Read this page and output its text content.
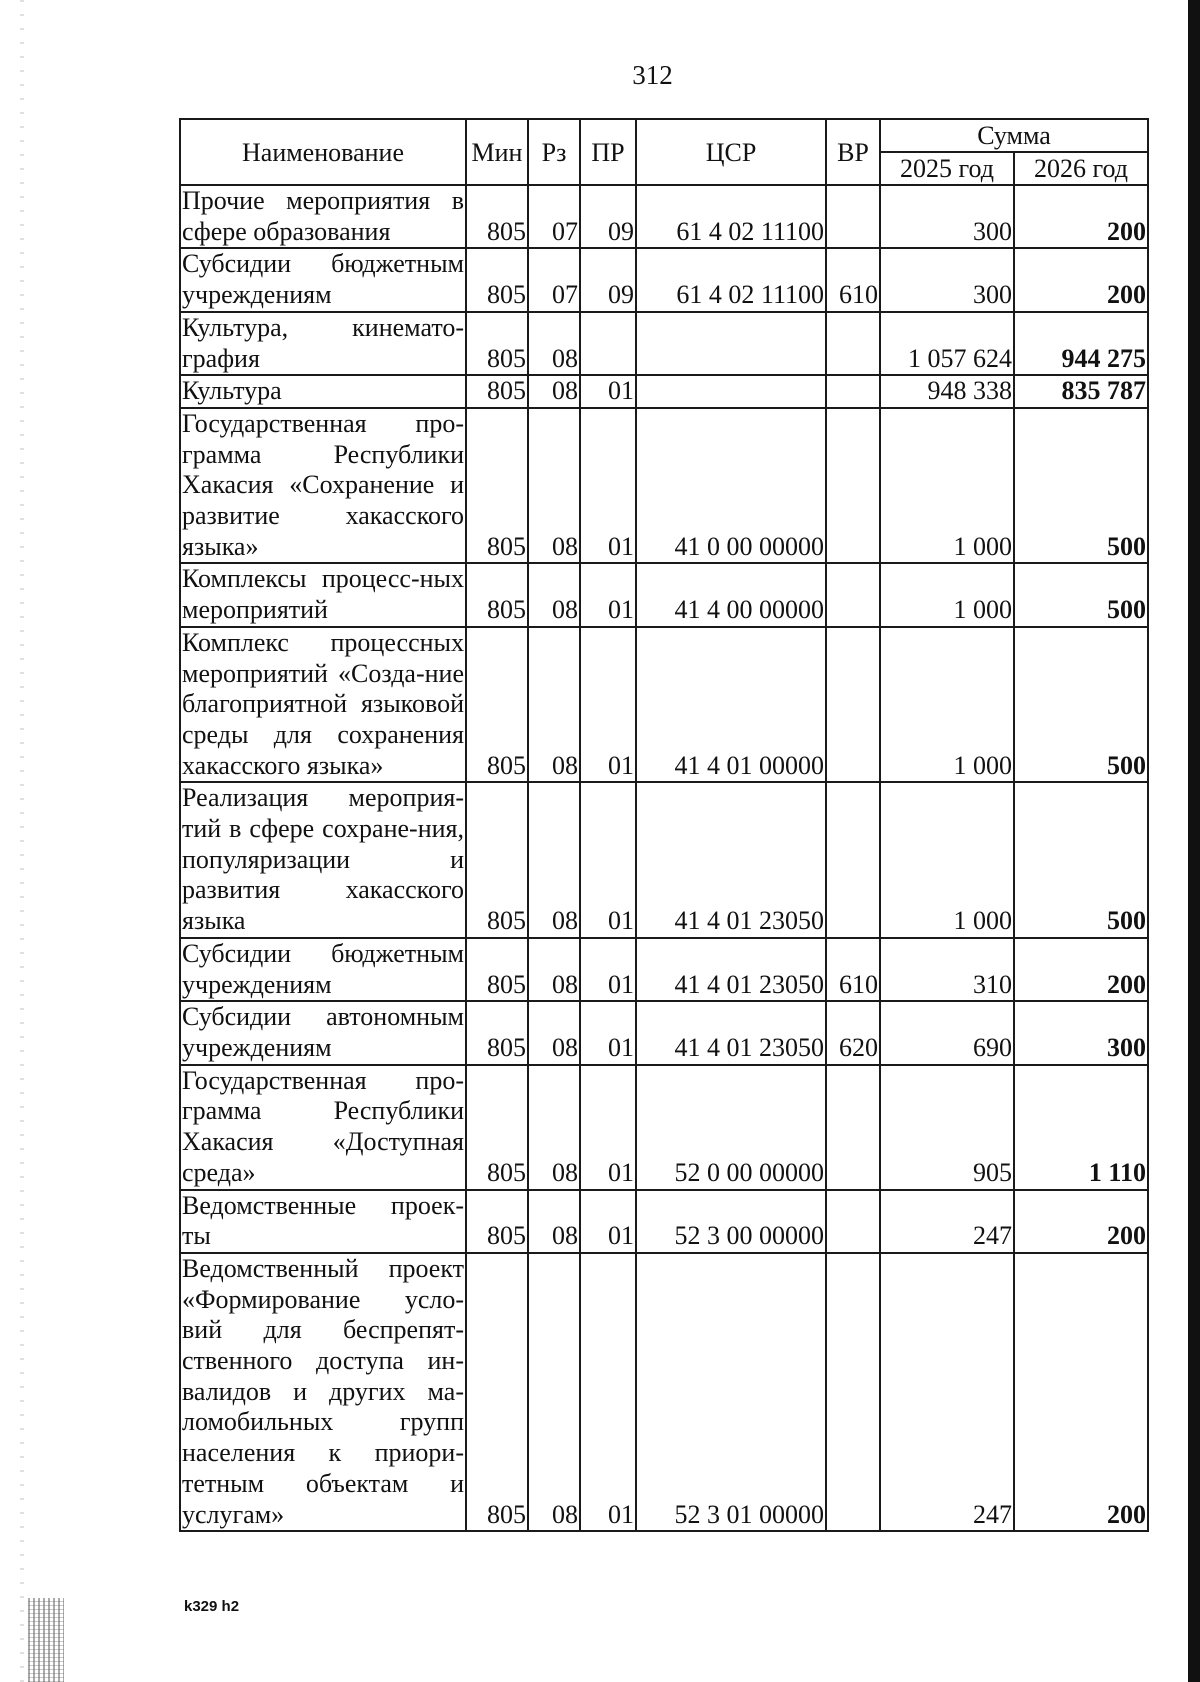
312
Наименование	Мин	Рз	ПР	ЦСР	ВР	Сумма	
						2025 год	2026 год
Прочие мероприятия в сфере образования	805	07	09	61 4 02 11100		300	200
Субсидии бюджетным учреждениям	805	07	09	61 4 02 11100	610	300	200
Культура, кинемато-графия	805	08				1 057 624	944 275
Культура	805	08	01			948 338	835 787
Государственная про-грамма Республики Хакасия «Сохранение и развитие хакасского языка»	805	08	01	41 0 00 00000		1 000	500
Комплексы процесс-ных мероприятий	805	08	01	41 4 00 00000		1 000	500
Комплекс процессных мероприятий «Созда-ние благоприятной языковой среды для сохранения хакасского языка»	805	08	01	41 4 01 00000		1 000	500
Реализация мероприя-тий в сфере сохране-ния, популяризации и развития хакасского языка	805	08	01	41 4 01 23050		1 000	500
Субсидии бюджетным учреждениям	805	08	01	41 4 01 23050	610	310	200
Субсидии автономным учреждениям	805	08	01	41 4 01 23050	620	690	300
Государственная про-грамма Республики Хакасия «Доступная среда»	805	08	01	52 0 00 00000		905	1 110
Ведомственные проек-ты	805	08	01	52 3 00 00000		247	200
Ведомственный проект «Формирование усло-вий для беспрепят-ственного доступа ин-валидов и других ма-ломобильных групп населения к приори-тетным объектам и услугам»	805	08	01	52 3 01 00000		247	200
k329 h2
